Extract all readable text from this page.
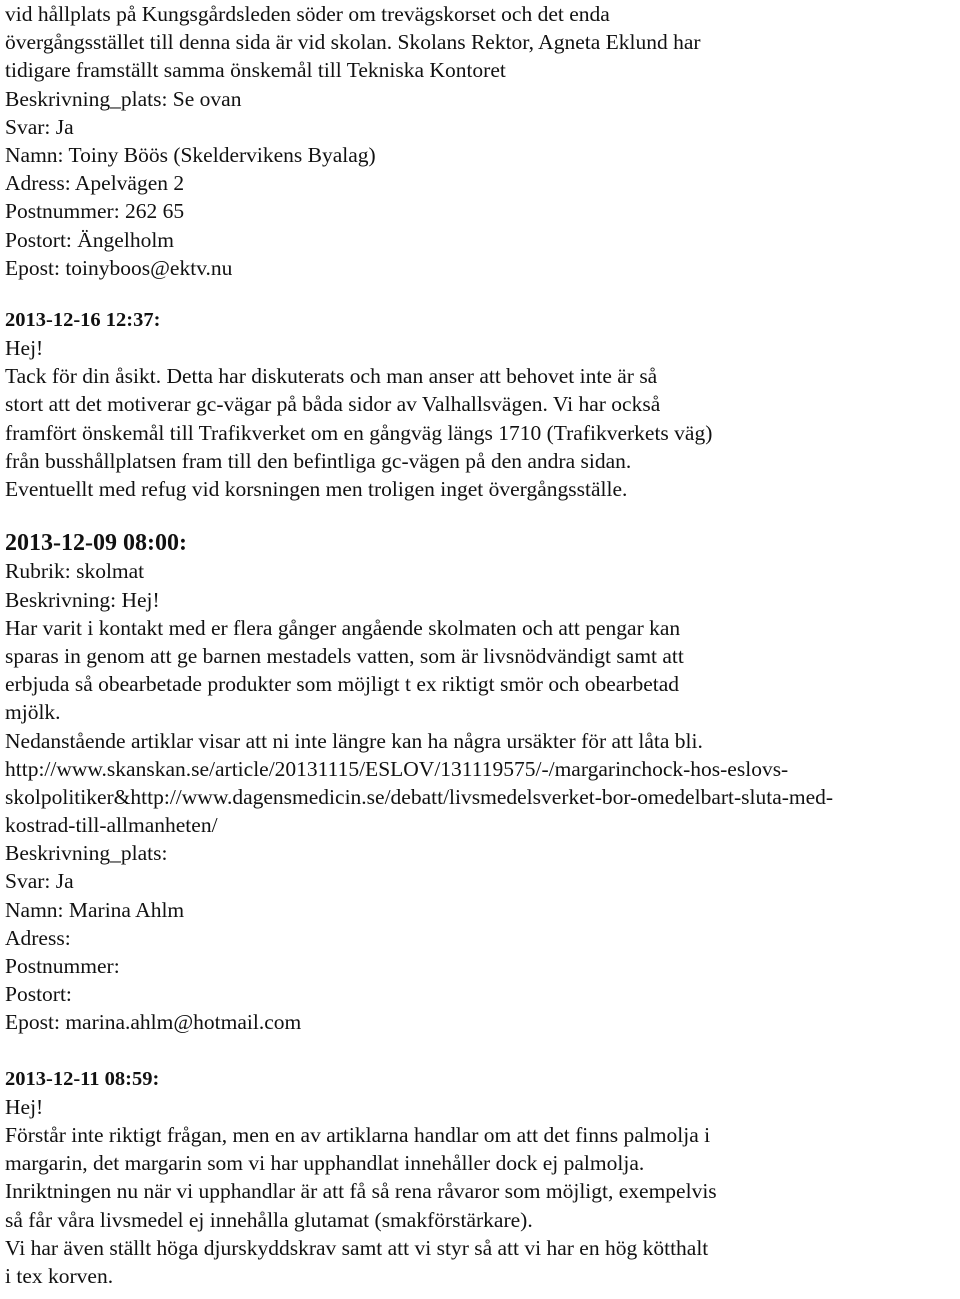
vid hållplats på Kungsgårdsleden söder om trevägskorset och det enda
övergångsstället till denna sida är vid skolan. Skolans Rektor, Agneta Eklund har
tidigare framställt samma önskemål till Tekniska Kontoret
Beskrivning_plats: Se ovan
Svar: Ja
Namn: Toiny Böös (Skeldervikens Byalag)
Adress: Apelvägen 2
Postnummer: 262 65
Postort: Ängelholm
Epost: toinyboos@ektv.nu
2013-12-16 12:37:
Hej!
Tack för din åsikt. Detta har diskuterats och man anser att behovet inte är så
stort att det motiverar gc-vägar på båda sidor av Valhallsvägen. Vi har också
framfört önskemål till Trafikverket om en gångväg längs 1710 (Trafikverkets väg)
från busshållplatsen fram till den befintliga gc-vägen på den andra sidan.
Eventuellt med refug vid korsningen men troligen inget övergångsställe.
2013-12-09 08:00:
Rubrik: skolmat
Beskrivning: Hej!
Har varit i kontakt med er flera gånger angående skolmaten och att pengar kan
sparas in genom att ge barnen mestadels vatten, som är livsnödvändigt samt att
erbjuda så obearbetade produkter som möjligt t ex riktigt smör och obearbetad
mjölk.
Nedanstående artiklar visar att ni inte längre kan ha några ursäkter för att låta bli.
http://www.skanskan.se/article/20131115/ESLOV/131119575/-/margarinchock-hos-eslovs-
skolpolitiker&http://www.dagensmedicin.se/debatt/livsmedelsverket-bor-omedelbart-sluta-med-
kostrad-till-allmanheten/
Beskrivning_plats:
Svar: Ja
Namn: Marina Ahlm
Adress:
Postnummer:
Postort:
Epost: marina.ahlm@hotmail.com
2013-12-11 08:59:
Hej!
Förstår inte riktigt frågan, men en av artiklarna handlar om att det finns palmolja i
margarin, det margarin som vi har upphandlat innehåller dock ej palmolja.
Inriktningen nu när vi upphandlar är att få så rena råvaror som möjligt, exempelvis
så får våra livsmedel ej innehålla glutamat (smakförstärkare).
Vi har även ställt höga djurskyddskrav samt att vi styr så att vi har en hög kötthalt
i tex korven.
